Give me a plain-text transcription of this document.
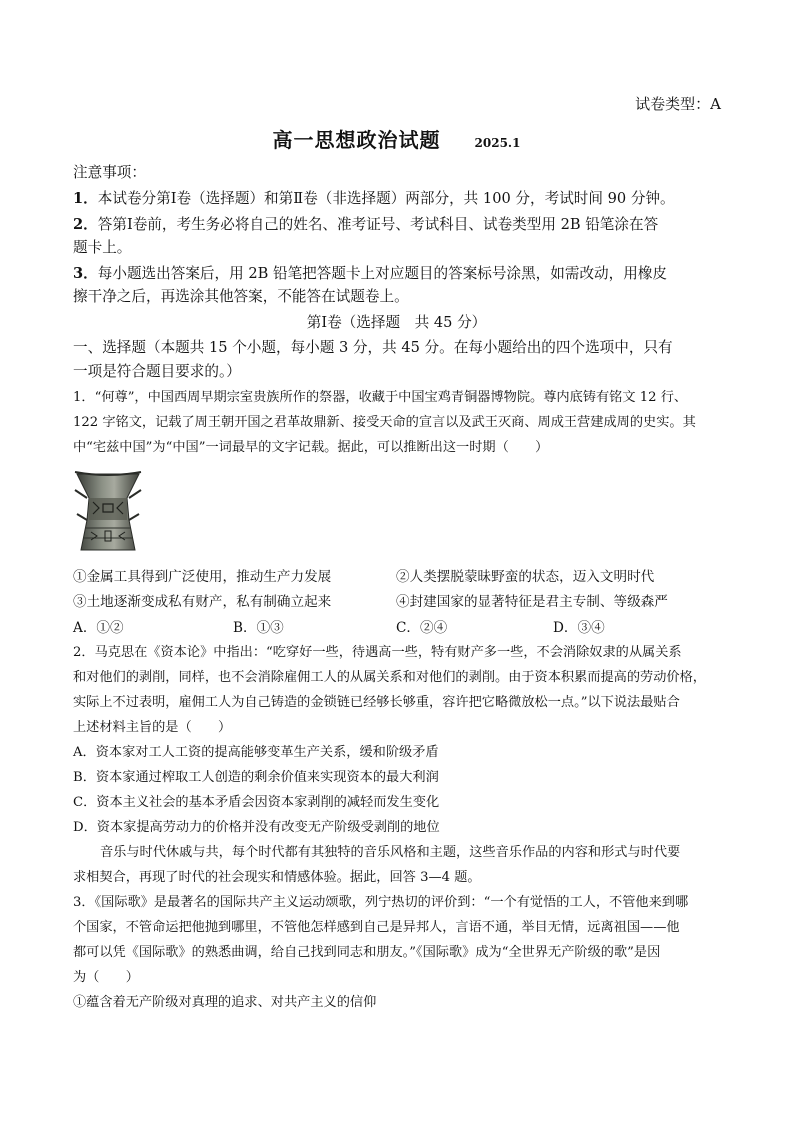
试卷类型：A
高一思想政治试题	2025.1
注意事项：
1．本试卷分第Ⅰ卷（选择题）和第Ⅱ卷（非选择题）两部分，共 100 分，考试时间 90 分钟。
2．答第Ⅰ卷前，考生务必将自己的姓名、准考证号、考试科目、试卷类型用 2B 铅笔涂在答
题卡上。
3．每小题选出答案后，用 2B 铅笔把答题卡上对应题目的答案标号涂黑，如需改动，用橡皮
擦干净之后，再选涂其他答案，不能答在试题卷上。
第Ⅰ卷（选择题　共 45 分）
一、选择题（本题共 15 个小题，每小题 3 分，共 45 分。在每小题给出的四个选项中，只有
一项是符合题目要求的。）
1．“何尊”，中国西周早期宗室贵族所作的祭器，收藏于中国宝鸡青铜器博物院。尊内底铸有铭文 12 行、
122 字铭文，记载了周王朝开国之君革故鼎新、接受天命的宣言以及武王灭商、周成王营建成周的史实。其
中“宅兹中国”为“中国”一词最早的文字记载。据此，可以推断出这一时期（　　）
①金属工具得到广泛使用，推动生产力发展	②人类摆脱蒙昧野蛮的状态，迈入文明时代
③土地逐渐变成私有财产，私有制确立起来	④封建国家的显著特征是君主专制、等级森严
A．①②	B．①③	C．②④	D．③④
2．马克思在《资本论》中指出：“吃穿好一些，待遇高一些，特有财产多一些，不会消除奴隶的从属关系
和对他们的剥削，同样，也不会消除雇佣工人的从属关系和对他们的剥削。由于资本积累而提高的劳动价格，
实际上不过表明，雇佣工人为自己铸造的金锁链已经够长够重，容许把它略微放松一点。”以下说法最贴合
上述材料主旨的是（　　）
A．资本家对工人工资的提高能够变革生产关系，缓和阶级矛盾
B．资本家通过榨取工人创造的剩余价值来实现资本的最大利润
C．资本主义社会的基本矛盾会因资本家剥削的减轻而发生变化
D．资本家提高劳动力的价格并没有改变无产阶级受剥削的地位
音乐与时代休戚与共，每个时代都有其独特的音乐风格和主题，这些音乐作品的内容和形式与时代要
求相契合，再现了时代的社会现实和情感体验。据此，回答 3—4 题。
3．《国际歌》是最著名的国际共产主义运动颂歌，列宁热切的评价到：“一个有觉悟的工人，不管他来到哪
个国家，不管命运把他抛到哪里，不管他怎样感到自己是异邦人，言语不通，举目无情，远离祖国——他
都可以凭《国际歌》的熟悉曲调，给自己找到同志和朋友。”《国际歌》成为“全世界无产阶级的歌”是因
为（　　）
①蕴含着无产阶级对真理的追求、对共产主义的信仰
